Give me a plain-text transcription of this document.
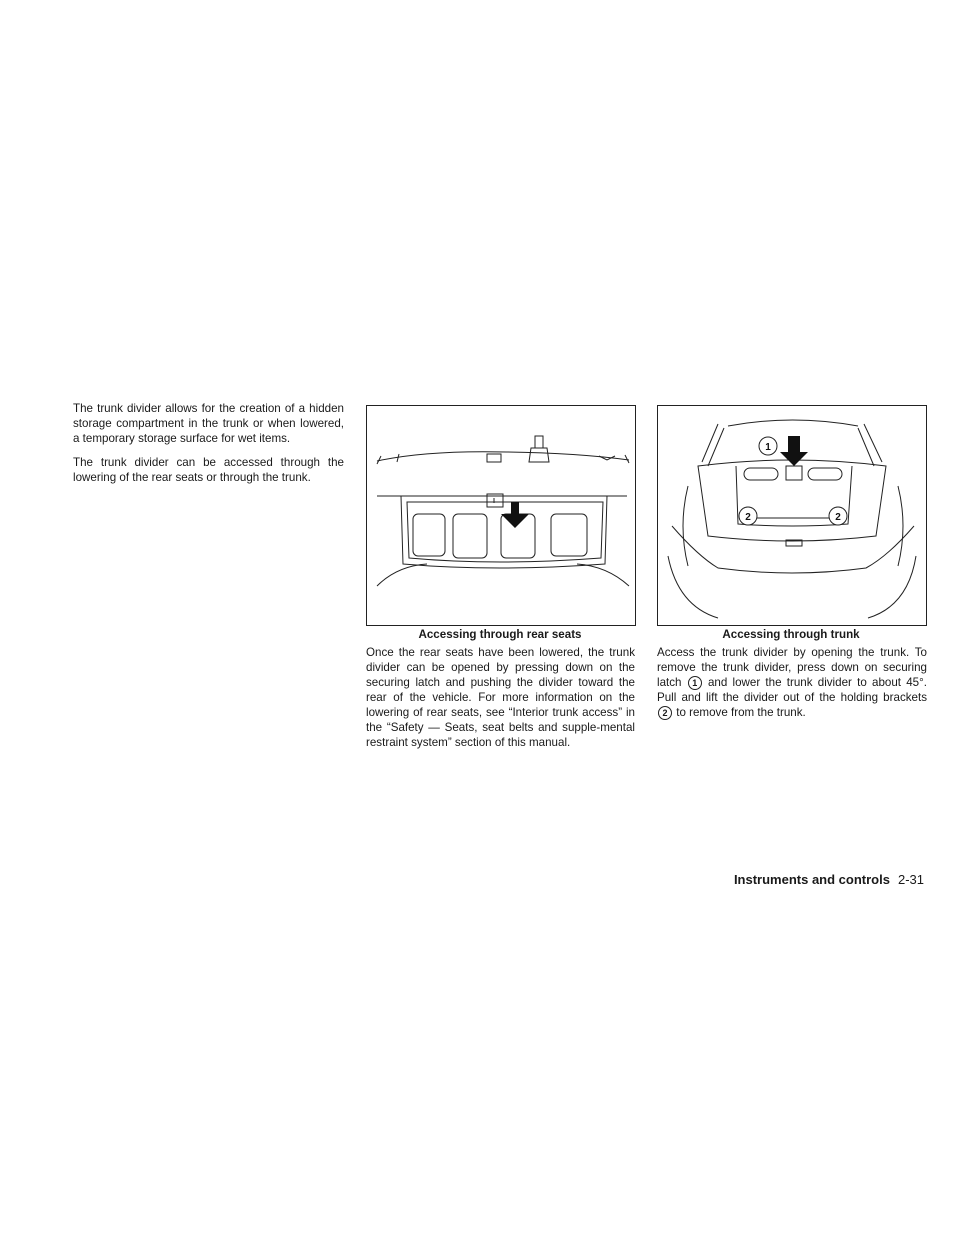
The trunk divider allows for the creation of a hidden storage compartment in the trunk or when lowered, a temporary storage surface for wet items.

The trunk divider can be accessed through the lowering of the rear seats or through the trunk.

1
2	2
Accessing through rear seats	Accessing through trunk

Once the rear seats have been lowered, the trunk divider can be opened by pressing down on the securing latch and pushing the divider toward the rear of the vehicle. For more information on the lowering of rear seats, see “Interior trunk access” in the “Safety — Seats, seat belts and supple-mental restraint system” section of this manual.

Access the trunk divider by opening the trunk. To remove the trunk divider, press down on securing latch 1 and lower the trunk divider to about 45°. Pull and lift the divider out of the holding brackets 2 to remove from the trunk.

Instruments and controls 2-31
